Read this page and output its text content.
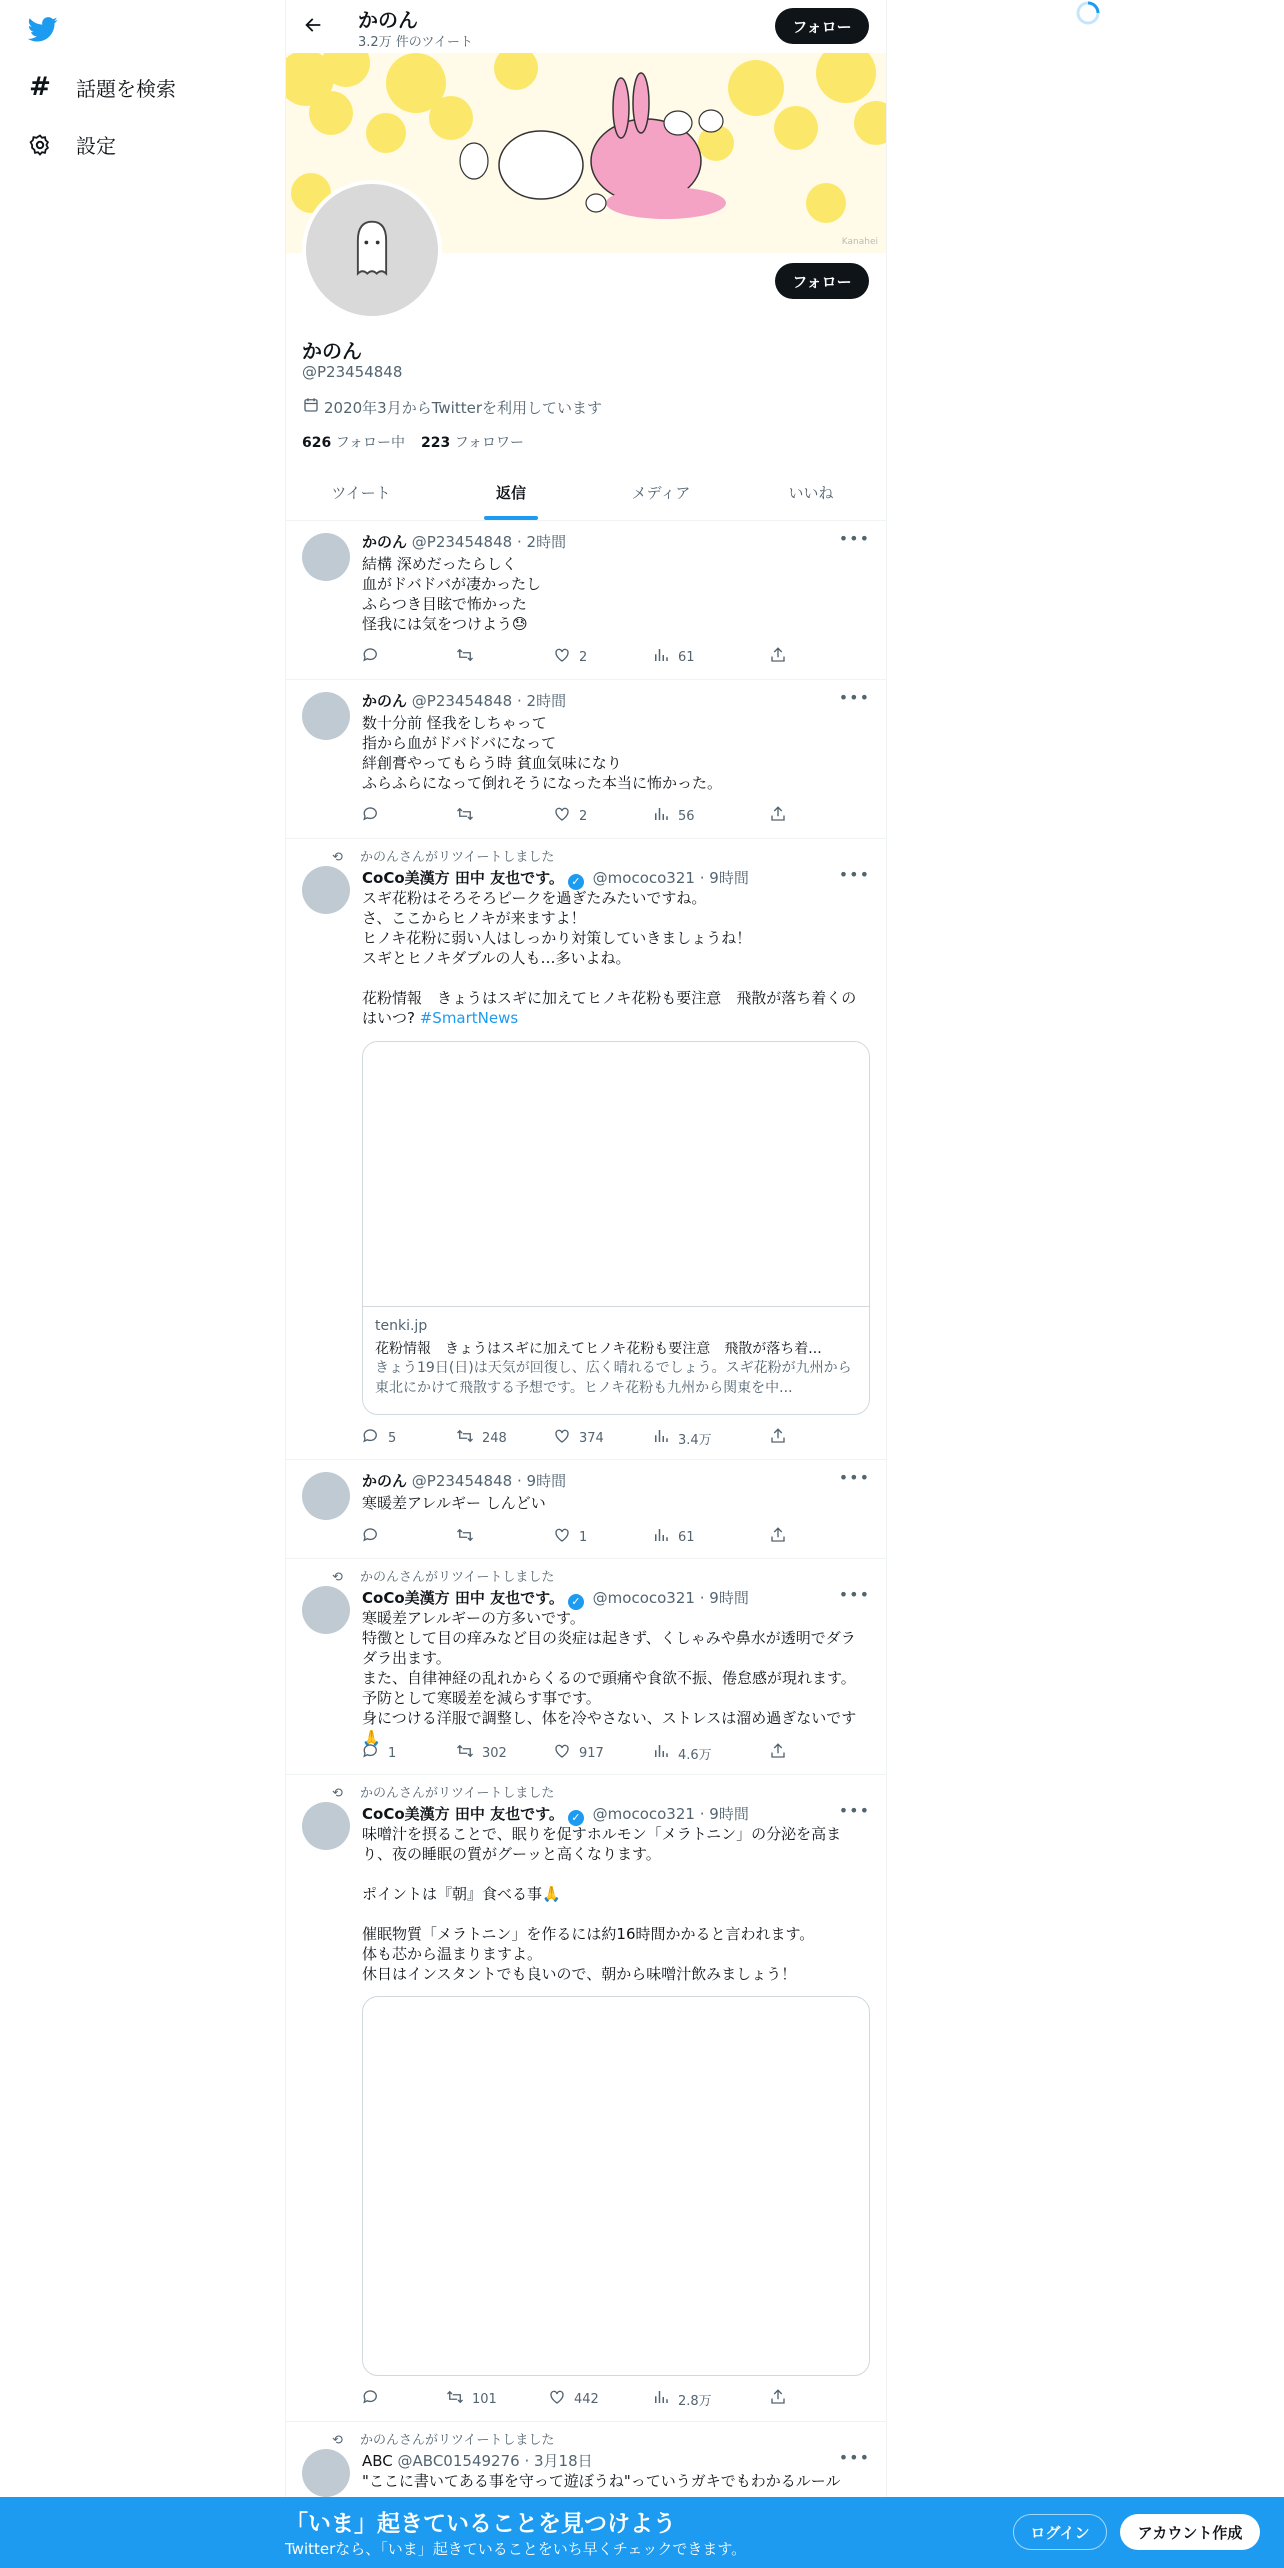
# 話題を検索
設定
かのん
3.2万 件のツイート
フォロー
Kanahei
フォロー
かのん
@P23454848
2020年3月からTwitterを利用しています
626 フォロー中 223 フォロワー
ツイート	返信	メディア	いいね
かのん @P23454848 · 2時間	•••
結構 深めだったらしく
血がドバドバが凄かったし
ふらつき目眩で怖かった
怪我には気をつけよう😓
2	61
かのん @P23454848 · 2時間	•••
数十分前 怪我をしちゃって
指から血がドバドバになって
絆創膏やってもらう時 貧血気味になり
ふらふらになって倒れそうになった本当に怖かった。
2	56
⟲ かのんさんがリツイートしました
CoCo美漢方 田中 友也です。 ✓ @mococo321 · 9時間	•••
スギ花粉はそろそろピークを過ぎたみたいですね。
さ、ここからヒノキが来ますよ！
ヒノキ花粉に弱い人はしっかり対策していきましょうね！
スギとヒノキダブルの人も…多いよね。

花粉情報　きょうはスギに加えてヒノキ花粉も要注意　飛散が落ち着くのはいつ? #SmartNews
tenki.jp
花粉情報　きょうはスギに加えてヒノキ花粉も要注意　飛散が落ち着...
きょう19日(日)は天気が回復し、広く晴れるでしょう。スギ花粉が九州から東北にかけて飛散する予想です。ヒノキ花粉も九州から関東を中...
5	248	374	3.4万
かのん @P23454848 · 9時間	•••
寒暖差アレルギー しんどい
1	61
⟲ かのんさんがリツイートしました
CoCo美漢方 田中 友也です。 ✓ @mococo321 · 9時間	•••
寒暖差アレルギーの方多いです。
特徴として目の痒みなど目の炎症は起きず、くしゃみや鼻水が透明でダラダラ出ます。
また、自律神経の乱れからくるので頭痛や食欲不振、倦怠感が現れます。
予防として寒暖差を減らす事です。
身につける洋服で調整し、体を冷やさない、ストレスは溜め過ぎないです🙏
1	302	917	4.6万
⟲ かのんさんがリツイートしました
CoCo美漢方 田中 友也です。 ✓ @mococo321 · 9時間	•••
味噌汁を摂ることで、眠りを促すホルモン「メラトニン」の分泌を高まり、夜の睡眠の質がグーッと高くなります。

ポイントは『朝』食べる事🙏

催眠物質「メラトニン」を作るには約16時間かかると言われます。
体も芯から温まりますよ。
休日はインスタントでも良いので、朝から味噌汁飲みましょう！
101	442	2.8万
⟲ かのんさんがリツイートしました
ABC @ABC01549276 · 3月18日	•••
"ここに書いてある事を守って遊ぼうね"っていうガキでもわかるルール
「いま」起きていることを見つけよう
Twitterなら、「いま」起きていることをいち早くチェックできます。
ログイン	アカウント作成
